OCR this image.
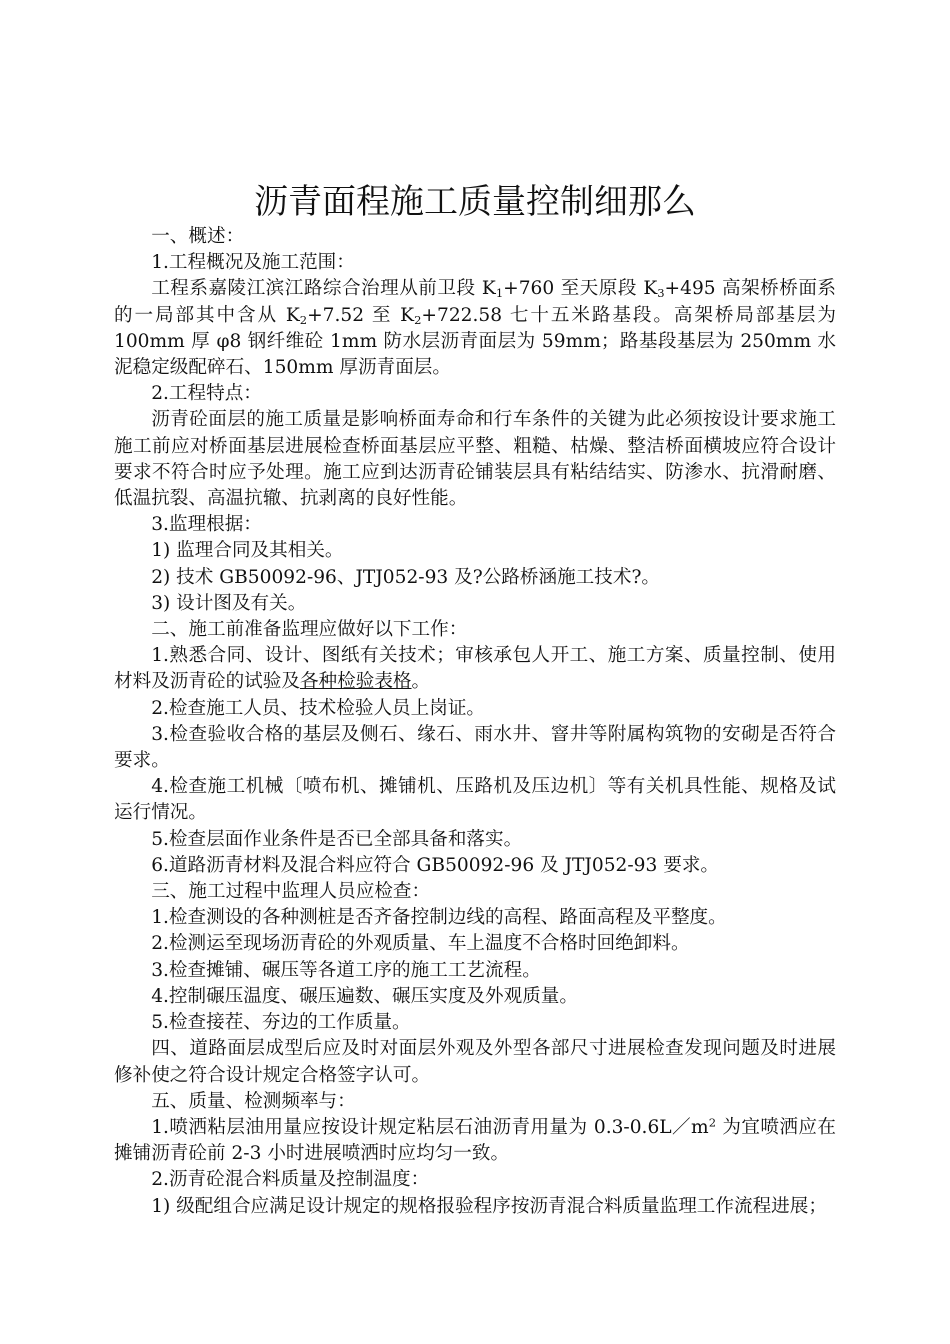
沥青面程施工质量控制细那么

一、概述：

1.工程概况及施工范围：

工程系嘉陵江滨江路综合治理从前卫段 $K_1+760$ 至天原段 $K_3+495$ 高架桥桥面系的一局部其中含从 $K_2+7.52$ 至 $K_2+722.58$ 七十五米路基段。高架桥局部基层为 100mm 厚 φ8 钢纤维砼 1mm 防水层沥青面层为 59mm；路基段基层为 250mm 水泥稳定级配碎石、150mm 厚沥青面层。

2.工程特点：

沥青砼面层的施工质量是影响桥面寿命和行车条件的关键为此必须按设计要求施工施工前应对桥面基层进展检查桥面基层应平整、粗糙、枯燥、整洁桥面横坡应符合设计要求不符合时应予处理。施工应到达沥青砼铺装层具有粘结结实、防渗水、抗滑耐磨、低温抗裂、高温抗辙、抗剥离的良好性能。

3.监理根据：

1) 监理合同及其相关。

2) 技术 GB50092-96、JTJ052-93 及?公路桥涵施工技术?。

3) 设计图及有关。

二、施工前准备监理应做好以下工作：

1.熟悉合同、设计、图纸有关技术；审核承包人开工、施工方案、质量控制、使用材料及沥青砼的试验及各种检验表格。

2.检查施工人员、技术检验人员上岗证。

3.检查验收合格的基层及侧石、缘石、雨水井、窨井等附属构筑物的安砌是否符合要求。

4.检查施工机械〔喷布机、摊铺机、压路机及压边机〕等有关机具性能、规格及试运行情况。

5.检查层面作业条件是否已全部具备和落实。

6.道路沥青材料及混合料应符合 GB50092-96 及 JTJ052-93 要求。

三、施工过程中监理人员应检查：

1.检查测设的各种测桩是否齐备控制边线的高程、路面高程及平整度。

2.检测运至现场沥青砼的外观质量、车上温度不合格时回绝卸料。

3.检查摊铺、碾压等各道工序的施工工艺流程。

4.控制碾压温度、碾压遍数、碾压实度及外观质量。

5.检查接茬、夯边的工作质量。

四、道路面层成型后应及时对面层外观及外型各部尺寸进展检查发现问题及时进展修补使之符合设计规定合格签字认可。

五、质量、检测频率与：

1.喷洒粘层油用量应按设计规定粘层石油沥青用量为 $0.3-0.6L/m^2$ 为宜喷洒应在摊铺沥青砼前 2-3 小时进展喷洒时应均匀一致。

2.沥青砼混合料质量及控制温度：

1) 级配组合应满足设计规定的规格报验程序按沥青混合料质量监理工作流程进展；
